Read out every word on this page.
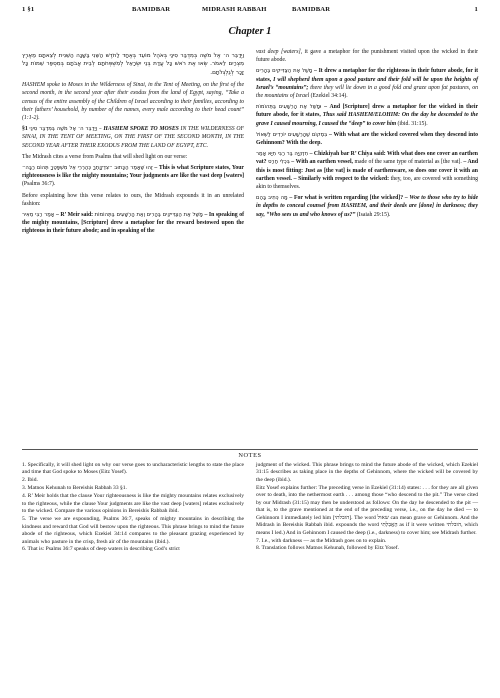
1 §1	BAMIDBAR	MIDRASH RABBAH	BAMIDBAR	1
Chapter 1
וַיְדַבֵּר ה׳ אֶל מֹשֶׁה בְּמִדְבַּר סִינַי בְּאֹהֶל מוֹעֵד בְּאֶחָד לַחֹדֶשׁ הַשֵּׁנִי בַּשָּׁנָה הַשֵּׁנִית לְצֵאתָם מֵאֶרֶץ מִצְרַיִם לֵאמֹר. שְׂאוּ אֶת רֹאשׁ כָּל עֲדַת בְּנֵי יִשְׂרָאֵל לְמִשְׁפְּחֹתָם לְבֵית אֲבֹתָם בְּמִסְפַּר שֵׁמוֹת כָּל זָכָר לְגֻלְגְּלֹתָם.

HASHEM spoke to Moses in the Wilderness of Sinai, in the Tent of Meeting, on the first of the second month, in the second year after their exodus from the land of Egypt, saying, “Take a census of the entire assembly of the Children of Israel according to their families, according to their fathers’ household, by number of the names, every male according to their head count” (1:1-2).

§1 וַיְדַבֵּר ה׳ אֶל מֹשֶׁה בְּמִדְבַּר סִינַי – HASHEM SPOKE TO MOSES IN THE WILDERNESS OF SINAI, IN THE TENT OF MEETING, ON THE FIRST OF THE SECOND MONTH, IN THE SECOND YEAR AFTER THEIR EXODUS FROM THE LAND OF EGYPT, ETC.

The Midrash cites a verse from Psalms that will shed light on our verse:

זֶהוּ שֶׁאָמַר הַכָּתוּב ״צִדְקָתְךָ כְּהַרְרֵי אֵל מִשְׁפָּטֶךָ תְּהוֹם רַבָּה״ – This is what Scripture states, Your righteousness is like the mighty mountains; Your judgments are like the vast deep [waters] (Psalms 36:7).

Before explaining how this verse relates to ours, the Midrash expounds it in an unrelated fashion:

אָמַר רַבִּי מֵאִיר – R’ Meir said:	מָשַׁל אֶת הַצַּדִּיקִים בֶּהָרִים וְאֶת הָרְשָׁעִים בַּתְּהוֹמוֹת	– In speaking of the mighty mountains, [Scripture] drew a metaphor for the reward bestowed upon the righteous in their future abode; and in speaking of the

vast deep [waters], it gave a metaphor for the punishment visited upon the wicked in their future abode.

מָשַׁל אֶת הַצַּדִּיקִים בֶּהָרִים – It drew a metaphor for the righteous in their future abode, for it states, I will shepherd them upon a good pasture and their fold will be upon the heights of Israel’s “mountains”; there they will lie down in a good fold and graze upon fat pastures, on the mountains of Israel (Ezekiel 34:14).

וּמָשַׁל אֶת הָרְשָׁעִים בַּתְּהוֹמוֹת – And [Scripture] drew a metaphor for the wicked in their future abode, for it states, Thus said HASHEM/ELOHIM: On the day he descended to the grave I caused mourning, I caused the “deep” to cover him (ibid. 31:15).

בִּמְקוֹם שֶׁהָרְשָׁעִים יוֹרְדִים לַשְּׁאוֹל – With what are the wicked covered when they descend into Gehinnom? With the deep.

חִזְקִיָּה בַּר רַבִּי חִיָּא אָמַר – Chizkiyah bar R’ Chiya said: With what does one cover an earthen vat? בִּכְלִי חֶרֶס – With an earthen vessel, made of the same type of material as [the vat]. – And this is most fitting: Just as [the vat] is made of earthenware, so does one cover it with an earthen vessel. – Similarly with respect to the wicked: they, too, are covered with something akin to themselves.

מָה כְּתִיב בָּהֶם – For what is written regarding [the wicked]? – Woe to those who try to hide in depths to conceal counsel from HASHEM, and their deeds are [done] in darkness; they say, “Who sees us and who knows of us?” (Isaiah 29:15).

NOTES

1. Specifically, it will shed light on why our verse goes to uncharacteristic lengths to state the place and time that God spoke to Moses (Eitz Yosef).

2. Ibid.

3. Matnos Kehunah to Bereishis Rabbah 33 §1.

4. R’ Meir holds that the clause Your righteousness is like the mighty mountains relates exclusively to the righteous, while the clause Your judgments are like the vast deep [waters] relates exclusively to the wicked. Compare the various opinions in Bereishis Rabbah ibid.

5. The verse we are expounding, Psalms 36:7, speaks of mighty mountains in describing the kindness and reward that God will bestow upon the righteous. This phrase brings to mind the future abode of the righteous, which Ezekiel 34:14 compares to the pleasant grazing experienced by animals who pasture in the crisp, fresh air of the mountains (ibid.).

6. That is: Psalms 36:7 speaks of deep waters in describing God’s strict

judgment of the wicked. This phrase brings to mind the future abode of the wicked, which Ezekiel 31:15 describes as taking place in the depths of Gehinnom, where the wicked will be covered by the deep (ibid.).

Eitz Yosef explains further: The preceding verse in Ezekiel (31:14) states: . . . for they are all given over to death, into the nethermost earth . . . among those “who descend to the pit.” The verse cited by our Midrash (31:15) may then be understood as follows: On the day he descended to the pit — that is, to the grave mentioned at the end of the preceding verse, i.e., on the day he died — to Gehinnom I immediately led him [הובלתי]. The word שאול can mean grave or Gehinnom. And the Midrash in Bereishis Rabbah ibid. expounds the word הֶאֱבַלְתִּי as if it were written הובלתי, which means I led.) And in Gehinnom I caused the deep (i.e., darkness) to cover him; see Midrash further.

7. I.e., with darkness — as the Midrash goes on to explain.

8. Translation follows Matnos Kehunah, followed by Eitz Yosef.
